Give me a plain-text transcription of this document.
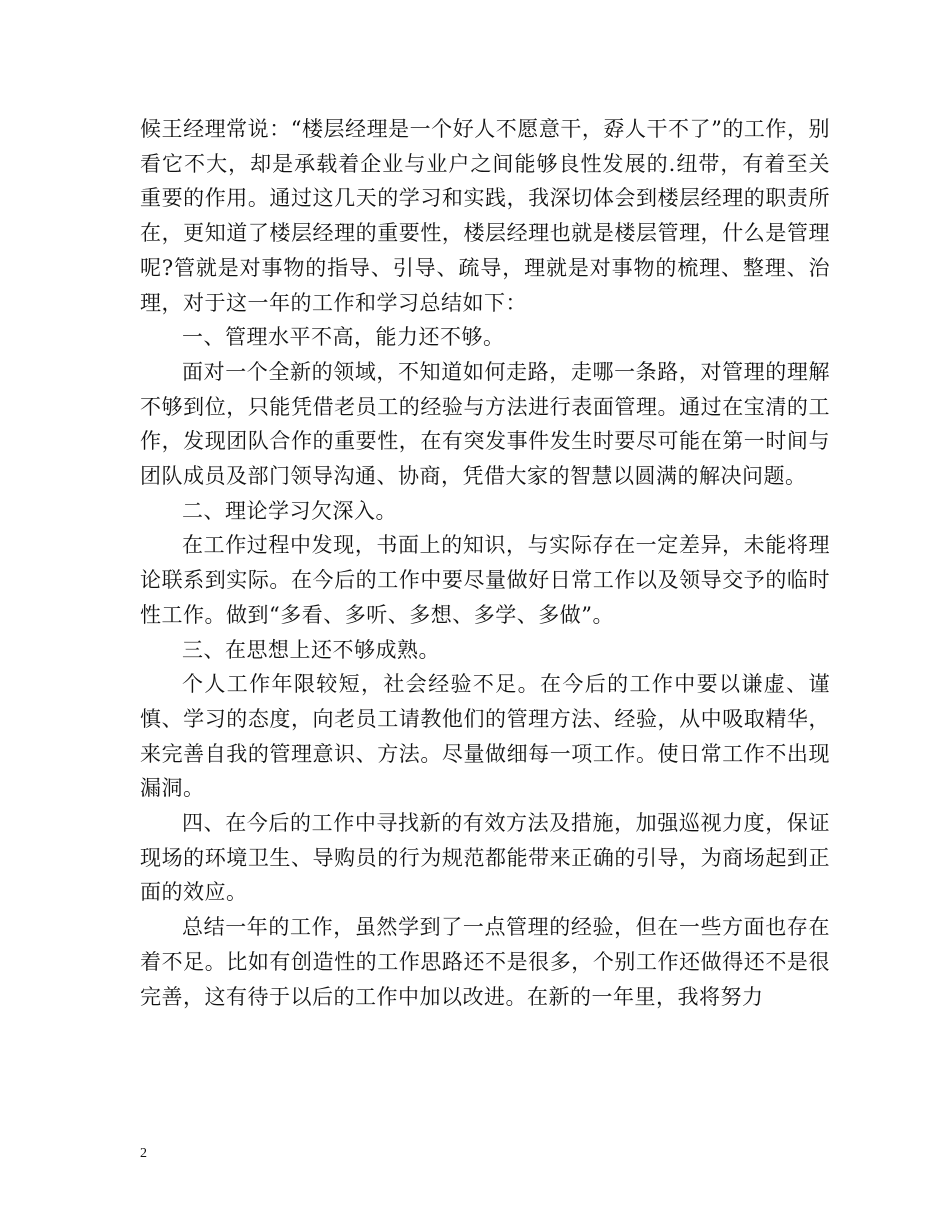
候王经理常说：“楼层经理是一个好人不愿意干，孬人干不了”的工作，别看它不大，却是承载着企业与业户之间能够良性发展的.纽带，有着至关重要的作用。通过这几天的学习和实践，我深切体会到楼层经理的职责所在，更知道了楼层经理的重要性，楼层经理也就是楼层管理，什么是管理呢?管就是对事物的指导、引导、疏导，理就是对事物的梳理、整理、治理，对于这一年的工作和学习总结如下：

一、管理水平不高，能力还不够。

面对一个全新的领域，不知道如何走路，走哪一条路，对管理的理解不够到位，只能凭借老员工的经验与方法进行表面管理。通过在宝清的工作，发现团队合作的重要性，在有突发事件发生时要尽可能在第一时间与团队成员及部门领导沟通、协商，凭借大家的智慧以圆满的解决问题。

二、理论学习欠深入。

在工作过程中发现，书面上的知识，与实际存在一定差异，未能将理论联系到实际。在今后的工作中要尽量做好日常工作以及领导交予的临时性工作。做到“多看、多听、多想、多学、多做”。

三、在思想上还不够成熟。

个人工作年限较短，社会经验不足。在今后的工作中要以谦虚、谨慎、学习的态度，向老员工请教他们的管理方法、经验，从中吸取精华，来完善自我的管理意识、方法。尽量做细每一项工作。使日常工作不出现漏洞。

四、在今后的工作中寻找新的有效方法及措施，加强巡视力度，保证现场的环境卫生、导购员的行为规范都能带来正确的引导，为商场起到正面的效应。

总结一年的工作，虽然学到了一点管理的经验，但在一些方面也存在着不足。比如有创造性的工作思路还不是很多，个别工作还做得还不是很完善，这有待于以后的工作中加以改进。在新的一年里，我将努力

2
